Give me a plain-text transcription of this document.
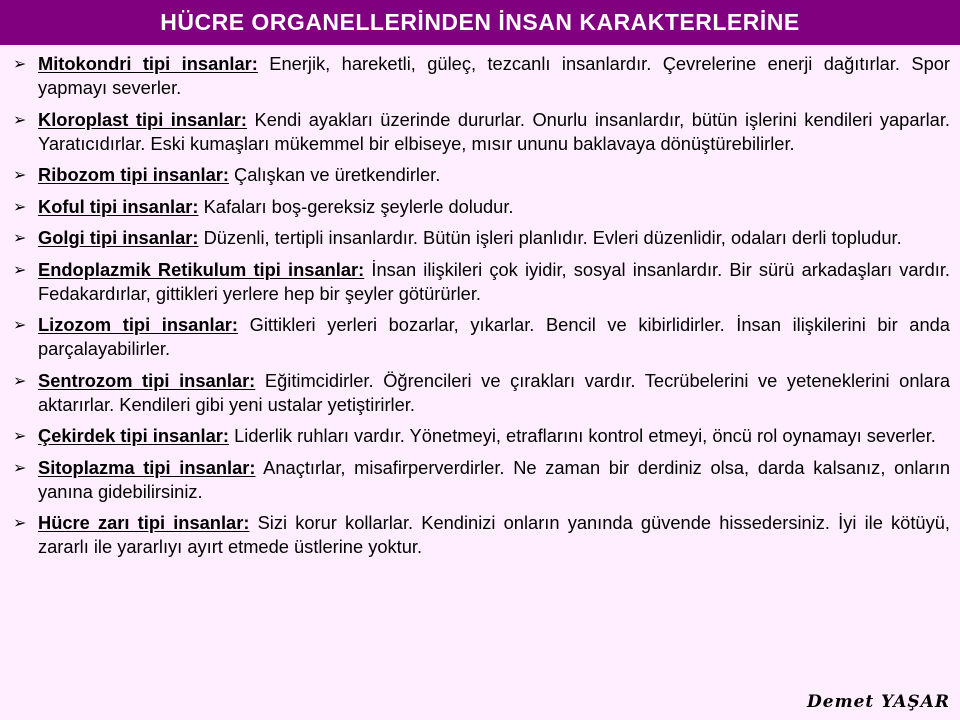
HÜCRE ORGANELLERİNDEN İNSAN KARAKTERLERİNE
➢ Mitokondri tipi insanlar: Enerjik, hareketli, güleç, tezcanlı insanlardır. Çevrelerine enerji dağıtırlar. Spor yapmayı severler.
➢ Kloroplast tipi insanlar: Kendi ayakları üzerinde dururlar. Onurlu insanlardır, bütün işlerini kendileri yaparlar. Yaratıcıdırlar. Eski kumaşları mükemmel bir elbiseye, mısır ununu baklavaya dönüştürebilirler.
➢ Ribozom tipi insanlar: Çalışkan ve üretkendirler.
➢ Koful tipi insanlar: Kafaları boş-gereksiz şeylerle doludur.
➢ Golgi tipi insanlar: Düzenli, tertipli insanlardır. Bütün işleri planlıdır. Evleri düzenlidir, odaları derli topludur.
➢ Endoplazmik Retikulum tipi insanlar: İnsan ilişkileri çok iyidir, sosyal insanlardır. Bir sürü arkadaşları vardır. Fedakardırlar, gittikleri yerlere hep bir şeyler götürürler.
➢ Lizozom tipi insanlar: Gittikleri yerleri bozarlar, yıkarlar. Bencil ve kibirlidirler. İnsan ilişkilerini bir anda parçalayabilirler.
➢ Sentrozom tipi insanlar: Eğitimcidirler. Öğrencileri ve çırakları vardır. Tecrübelerini ve yeteneklerini onlara aktarırlar. Kendileri gibi yeni ustalar yetiştirirler.
➢ Çekirdek tipi insanlar: Liderlik ruhları vardır. Yönetmeyi, etraflarını kontrol etmeyi, öncü rol oynamayı severler.
➢ Sitoplazma tipi insanlar: Anaçtırlar, misafirperverdirler. Ne zaman bir derdiniz olsa, darda kalsanız, onların yanına gidebilirsiniz.
➢ Hücre zarı tipi insanlar: Sizi korur kollarlar. Kendinizi onların yanında güvende hissedersiniz. İyi ile kötüyü, zararlı ile yararlıyı ayırt etmede üstlerine yoktur.
Demet YAŞAR
